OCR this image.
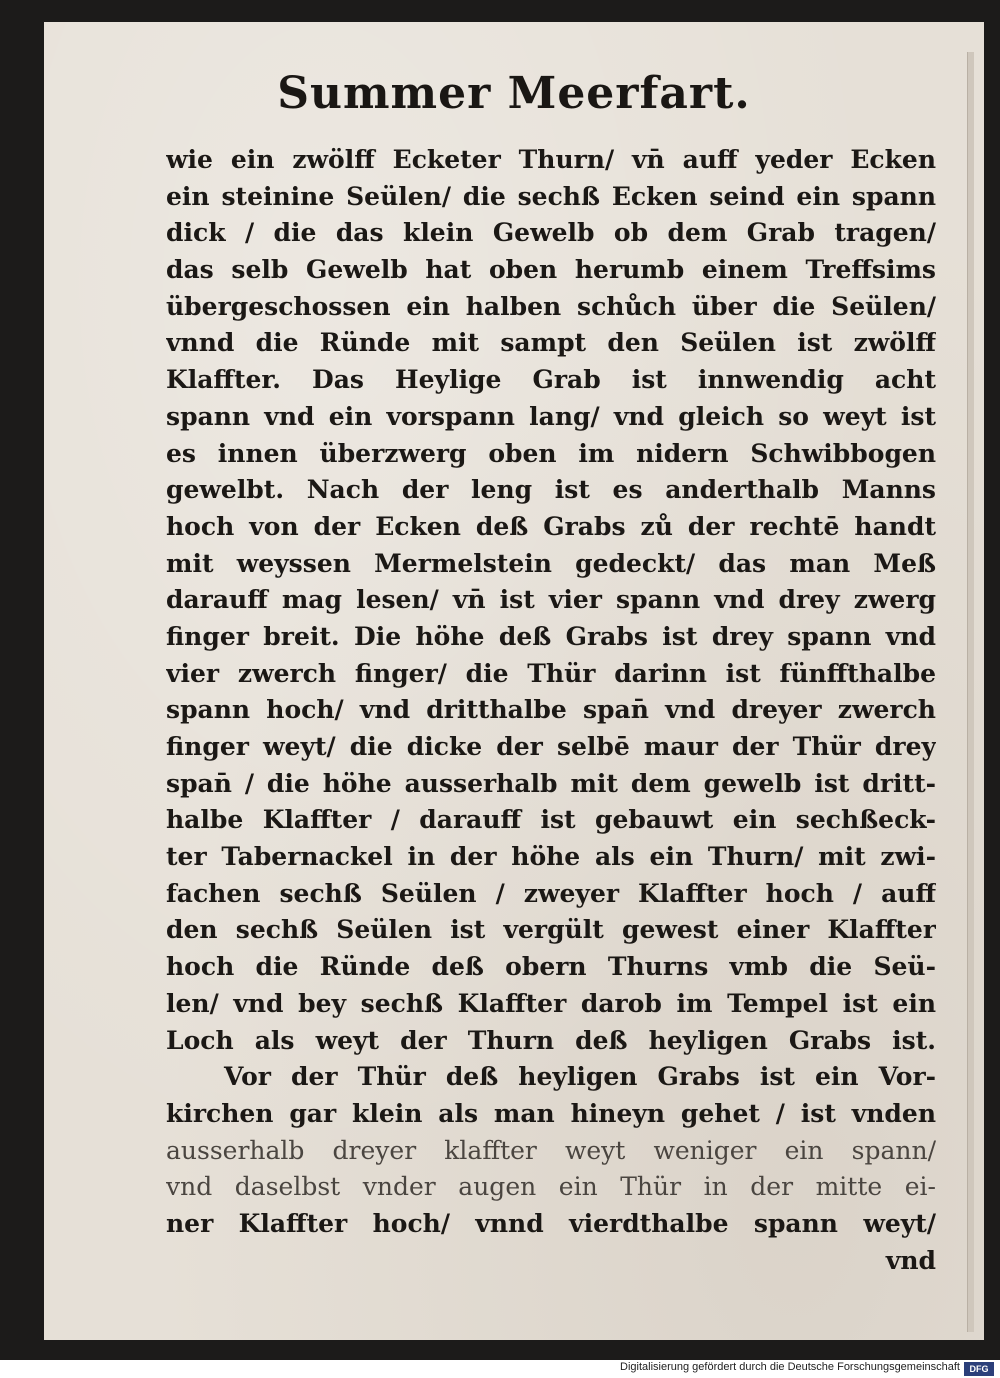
Summer Meerfart.
wie ein zwölff Ecketer Thurn/ vn̄ auff yeder Ecken
ein steinine Seülen/ die sechß Ecken seind ein spann
dick / die das klein Gewelb ob dem Grab tragen/
das selb Gewelb hat oben herumb einem Treffsims
übergeschossen ein halben schůch über die Seülen/
vnnd die Ründe mit sampt den Seülen ist zwölff
Klaffter. Das Heylige Grab ist innwendig acht
spann vnd ein vorspann lang/ vnd gleich so weyt ist
es innen überzwerg oben im nidern Schwibbogen
gewelbt. Nach der leng ist es anderthalb Manns
hoch von der Ecken deß Grabs zů der rechtē handt
mit weyssen Mermelstein gedeckt/ das man Meß
darauff mag lesen/ vn̄ ist vier spann vnd drey zwerg
finger breit. Die höhe deß Grabs ist drey spann vnd
vier zwerch finger/ die Thür darinn ist fünffthalbe
spann hoch/ vnd dritthalbe span̄ vnd dreyer zwerch
finger weyt/ die dicke der selbē maur der Thür drey
span̄ / die höhe ausserhalb mit dem gewelb ist dritt-
halbe Klaffter / darauff ist gebauwt ein sechßeck-
ter Tabernackel in der höhe als ein Thurn/ mit zwi-
fachen sechß Seülen / zweyer Klaffter hoch / auff
den sechß Seülen ist vergült gewest einer Klaffter
hoch die Ründe deß obern Thurns vmb die Seü-
len/ vnd bey sechß Klaffter darob im Tempel ist ein
Loch als weyt der Thurn deß heyligen Grabs ist.
Vor der Thür deß heyligen Grabs ist ein Vor-
kirchen gar klein als man hineyn gehet / ist vnden
ausserhalb dreyer klaffter weyt weniger ein spann/
vnd daselbst vnder augen ein Thür in der mitte ei-
ner Klaffter hoch/ vnnd vierdthalbe spann weyt/
vnd
Digitalisierung gefördert durch die Deutsche Forschungsgemeinschaft	DFG
